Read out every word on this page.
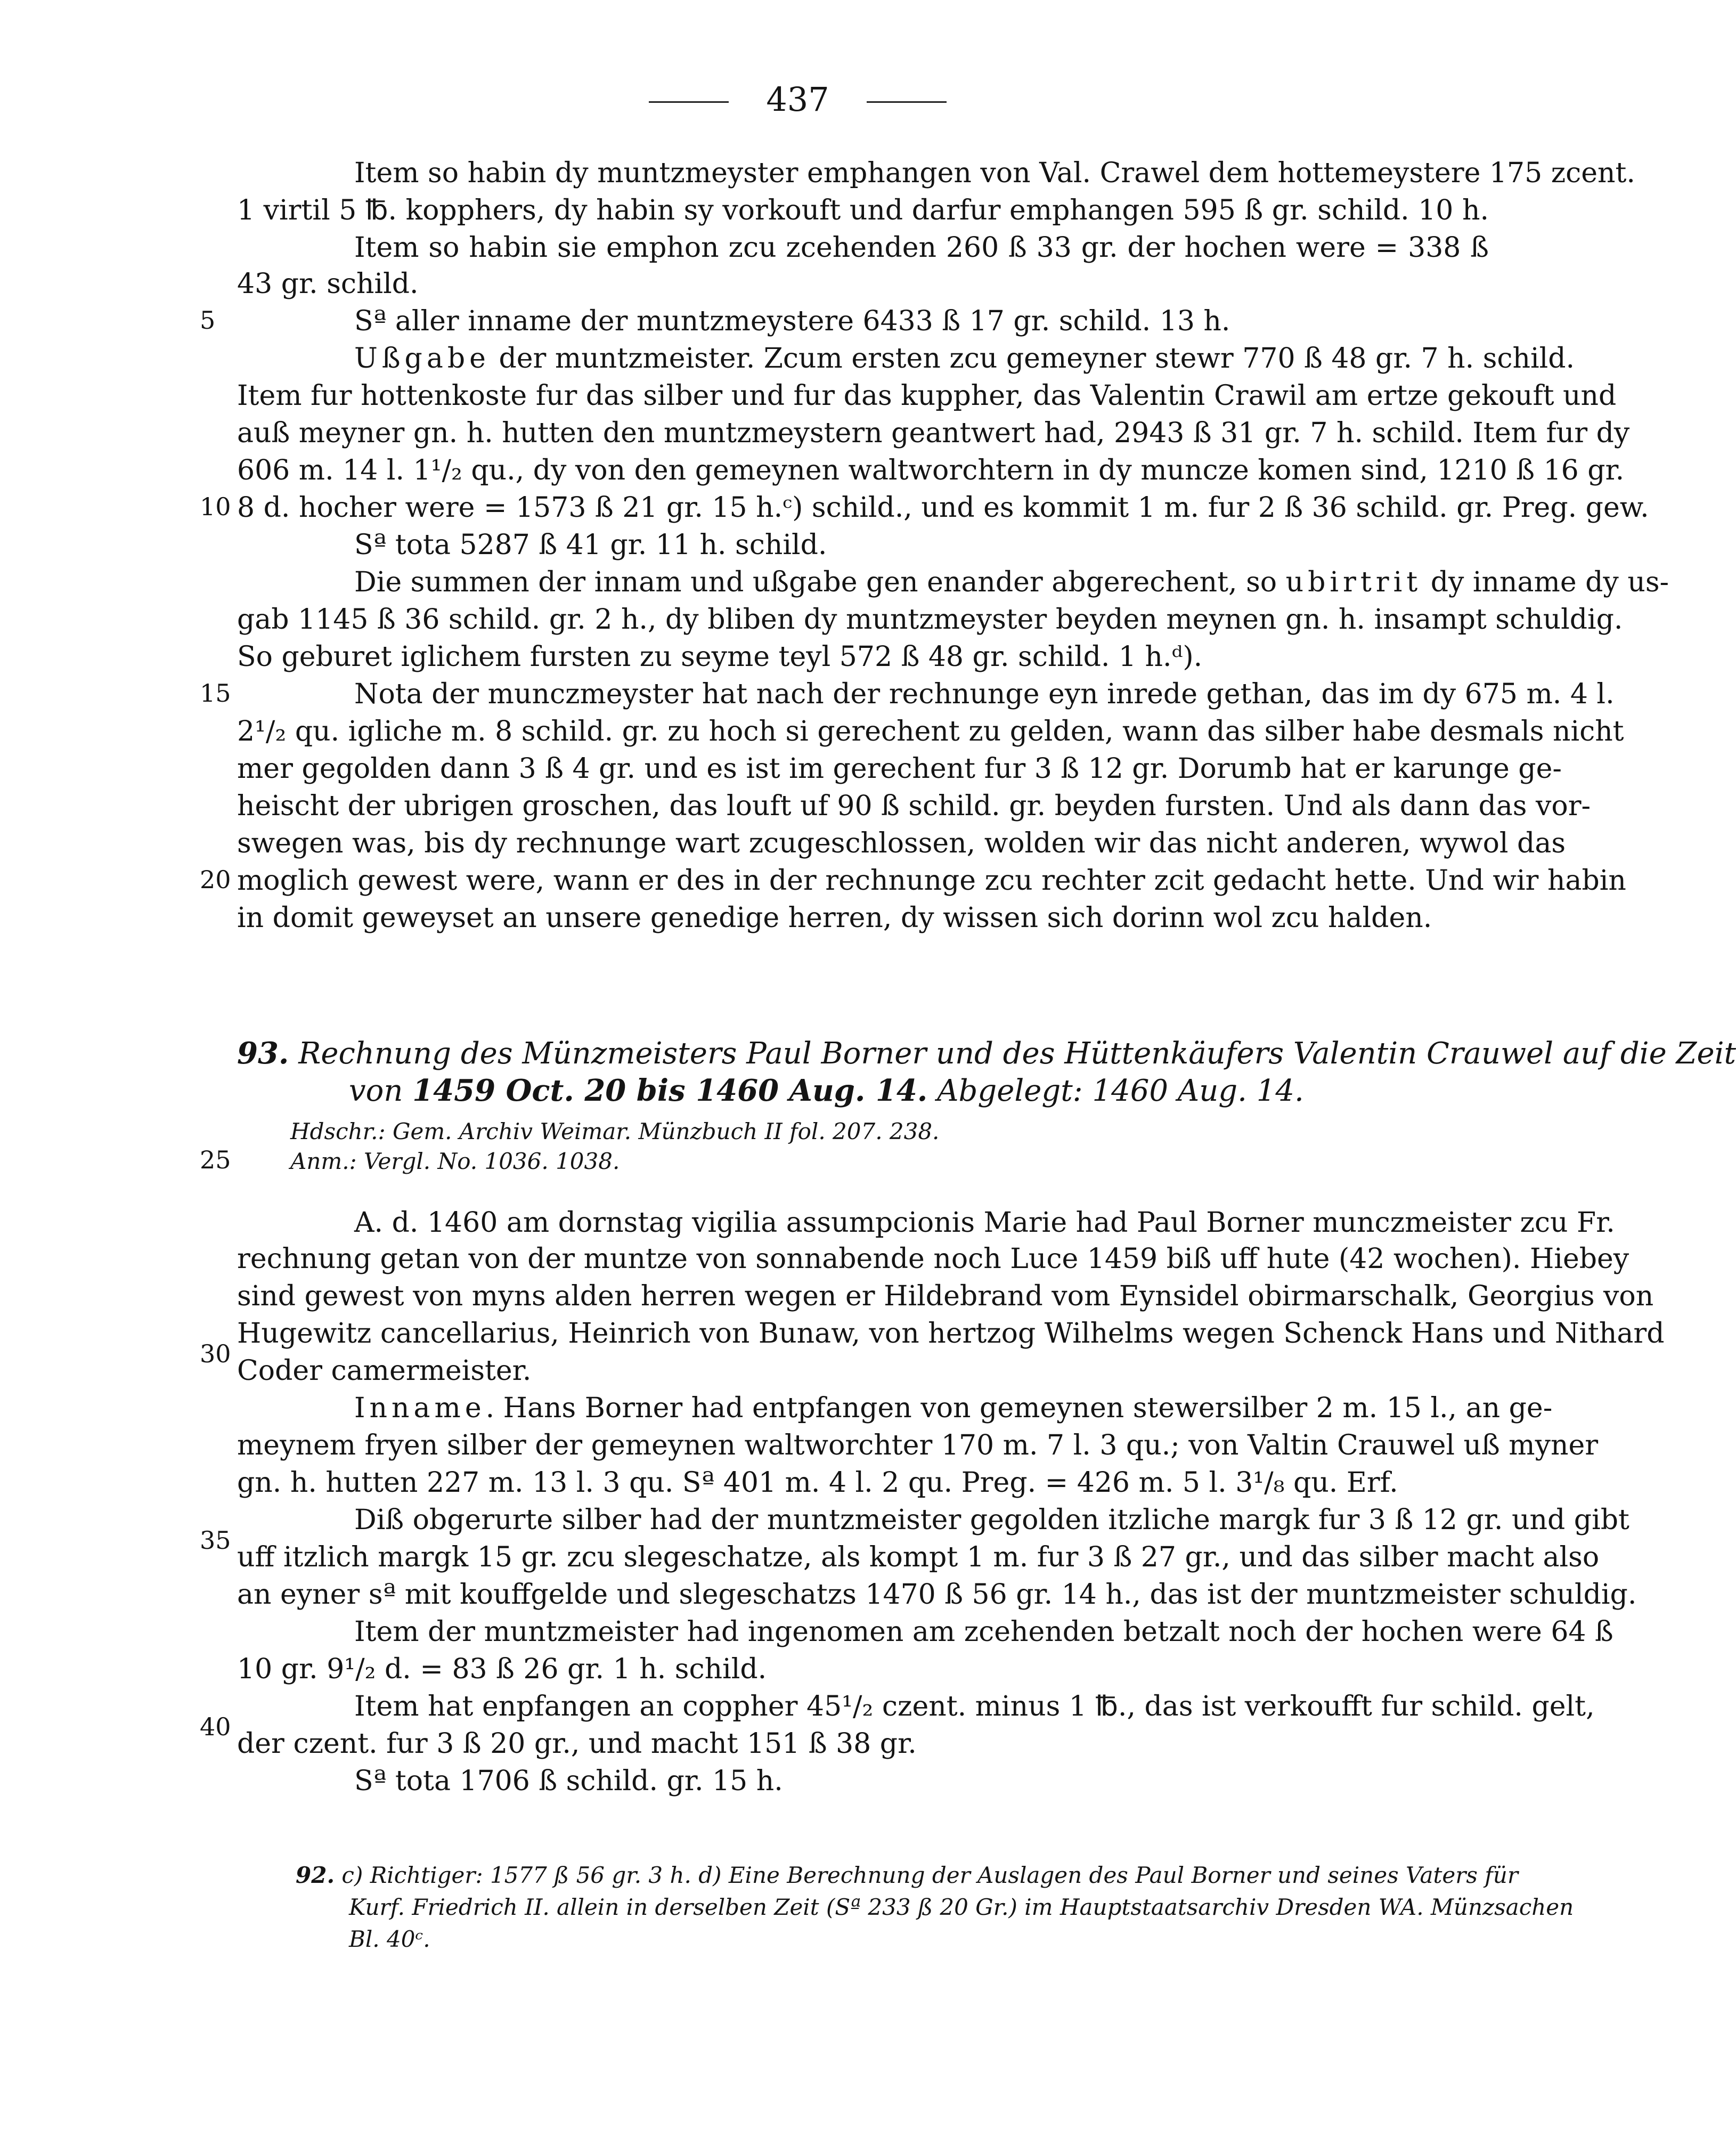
437
Item so habin dy muntzmeyster emphangen von Val. Crawel dem hottemeystere 175 zcent.
1 virtil 5 ℔. kopphers, dy habin sy vorkouft und darfur emphangen 595 ß gr. schild. 10 h.
Item so habin sie emphon zcu zcehenden 260 ß 33 gr. der hochen were = 338 ß
43 gr. schild.
Sª aller inname der muntzmeystere 6433 ß 17 gr. schild. 13 h.
Ußgabe der muntzmeister. Zcum ersten zcu gemeyner stewr 770 ß 48 gr. 7 h. schild.
Item fur hottenkoste fur das silber und fur das kuppher, das Valentin Crawil am ertze gekouft und
auß meyner gn. h. hutten den muntzmeystern geantwert had, 2943 ß 31 gr. 7 h. schild. Item fur dy
606 m. 14 l. 1¹/₂ qu., dy von den gemeynen waltworchtern in dy muncze komen sind, 1210 ß 16 gr.
8 d. hocher were = 1573 ß 21 gr. 15 h.ᶜ) schild., und es kommit 1 m. fur 2 ß 36 schild. gr. Preg. gew.
Sª tota 5287 ß 41 gr. 11 h. schild.
Die summen der innam und ußgabe gen enander abgerechent, so ubirtrit dy inname dy us-
gab 1145 ß 36 schild. gr. 2 h., dy bliben dy muntzmeyster beyden meynen gn. h. insampt schuldig.
So geburet iglichem fursten zu seyme teyl 572 ß 48 gr. schild. 1 h.ᵈ).
Nota der munczmeyster hat nach der rechnunge eyn inrede gethan, das im dy 675 m. 4 l.
2¹/₂ qu. igliche m. 8 schild. gr. zu hoch si gerechent zu gelden, wann das silber habe desmals nicht
mer gegolden dann 3 ß 4 gr. und es ist im gerechent fur 3 ß 12 gr. Dorumb hat er karunge ge-
heischt der ubrigen groschen, das louft uf 90 ß schild. gr. beyden fursten. Und als dann das vor-
swegen was, bis dy rechnunge wart zcugeschlossen, wolden wir das nicht anderen, wywol das
moglich gewest were, wann er des in der rechnunge zcu rechter zcit gedacht hette. Und wir habin
in domit geweyset an unsere genedige herren, dy wissen sich dorinn wol zcu halden.
5
10
15
20
25
30
35
40
93. Rechnung des Münzmeisters Paul Borner und des Hüttenkäufers Valentin Crauwel auf die Zeit
von 1459 Oct. 20 bis 1460 Aug. 14. Abgelegt: 1460 Aug. 14.
Hdschr.: Gem. Archiv Weimar. Münzbuch II fol. 207. 238.
Anm.: Vergl. No. 1036. 1038.
A. d. 1460 am dornstag vigilia assumpcionis Marie had Paul Borner munczmeister zcu Fr.
rechnung getan von der muntze von sonnabende noch Luce 1459 biß uff hute (42 wochen). Hiebey
sind gewest von myns alden herren wegen er Hildebrand vom Eynsidel obirmarschalk, Georgius von
Hugewitz cancellarius, Heinrich von Bunaw, von hertzog Wilhelms wegen Schenck Hans und Nithard
Coder camermeister.
Inname. Hans Borner had entpfangen von gemeynen stewersilber 2 m. 15 l., an ge-
meynem fryen silber der gemeynen waltworchter 170 m. 7 l. 3 qu.; von Valtin Crauwel uß myner
gn. h. hutten 227 m. 13 l. 3 qu. Sª 401 m. 4 l. 2 qu. Preg. = 426 m. 5 l. 3¹/₈ qu. Erf.
Diß obgerurte silber had der muntzmeister gegolden itzliche margk fur 3 ß 12 gr. und gibt
uff itzlich margk 15 gr. zcu slegeschatze, als kompt 1 m. fur 3 ß 27 gr., und das silber macht also
an eyner sª mit kouffgelde und slegeschatzs 1470 ß 56 gr. 14 h., das ist der muntzmeister schuldig.
Item der muntzmeister had ingenomen am zcehenden betzalt noch der hochen were 64 ß
10 gr. 9¹/₂ d. = 83 ß 26 gr. 1 h. schild.
Item hat enpfangen an coppher 45¹/₂ czent. minus 1 ℔., das ist verkoufft fur schild. gelt,
der czent. fur 3 ß 20 gr., und macht 151 ß 38 gr.
Sª tota 1706 ß schild. gr. 15 h.
92. c) Richtiger: 1577 ß 56 gr. 3 h. d) Eine Berechnung der Auslagen des Paul Borner und seines Vaters für
Kurf. Friedrich II. allein in derselben Zeit (Sª 233 ß 20 Gr.) im Hauptstaatsarchiv Dresden WA. Münzsachen
Bl. 40ᶜ.
